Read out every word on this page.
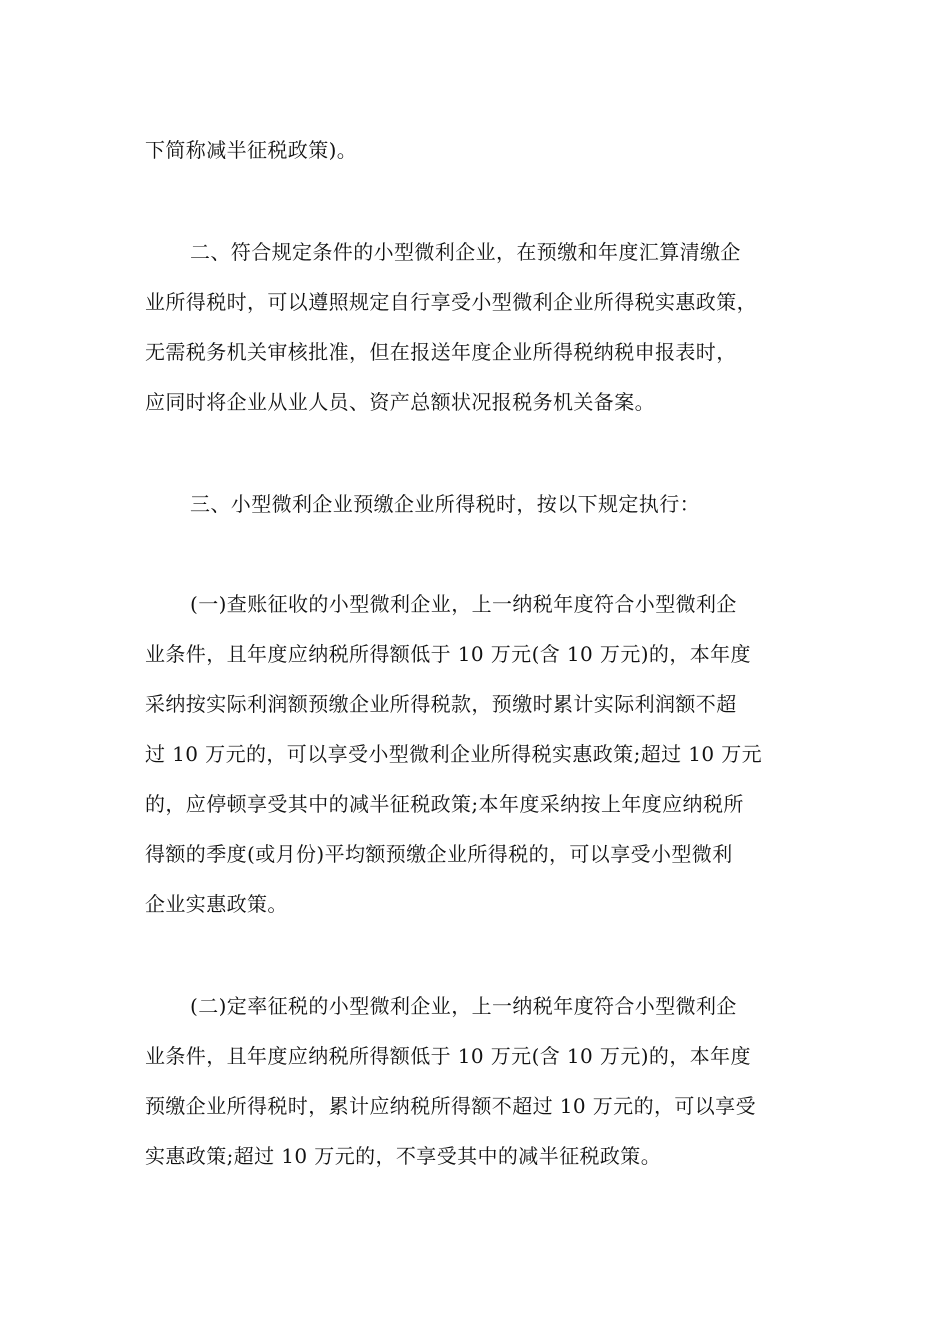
下简称减半征税政策)。
二、符合规定条件的小型微利企业，在预缴和年度汇算清缴企
业所得税时，可以遵照规定自行享受小型微利企业所得税实惠政策，
无需税务机关审核批准，但在报送年度企业所得税纳税申报表时，
应同时将企业从业人员、资产总额状况报税务机关备案。
三、小型微利企业预缴企业所得税时，按以下规定执行：
(一)查账征收的小型微利企业，上一纳税年度符合小型微利企
业条件，且年度应纳税所得额低于 10 万元(含 10 万元)的，本年度
采纳按实际利润额预缴企业所得税款，预缴时累计实际利润额不超
过 10 万元的，可以享受小型微利企业所得税实惠政策;超过 10 万元
的，应停顿享受其中的减半征税政策;本年度采纳按上年度应纳税所
得额的季度(或月份)平均额预缴企业所得税的，可以享受小型微利
企业实惠政策。
(二)定率征税的小型微利企业，上一纳税年度符合小型微利企
业条件，且年度应纳税所得额低于 10 万元(含 10 万元)的，本年度
预缴企业所得税时，累计应纳税所得额不超过 10 万元的，可以享受
实惠政策;超过 10 万元的，不享受其中的减半征税政策。
